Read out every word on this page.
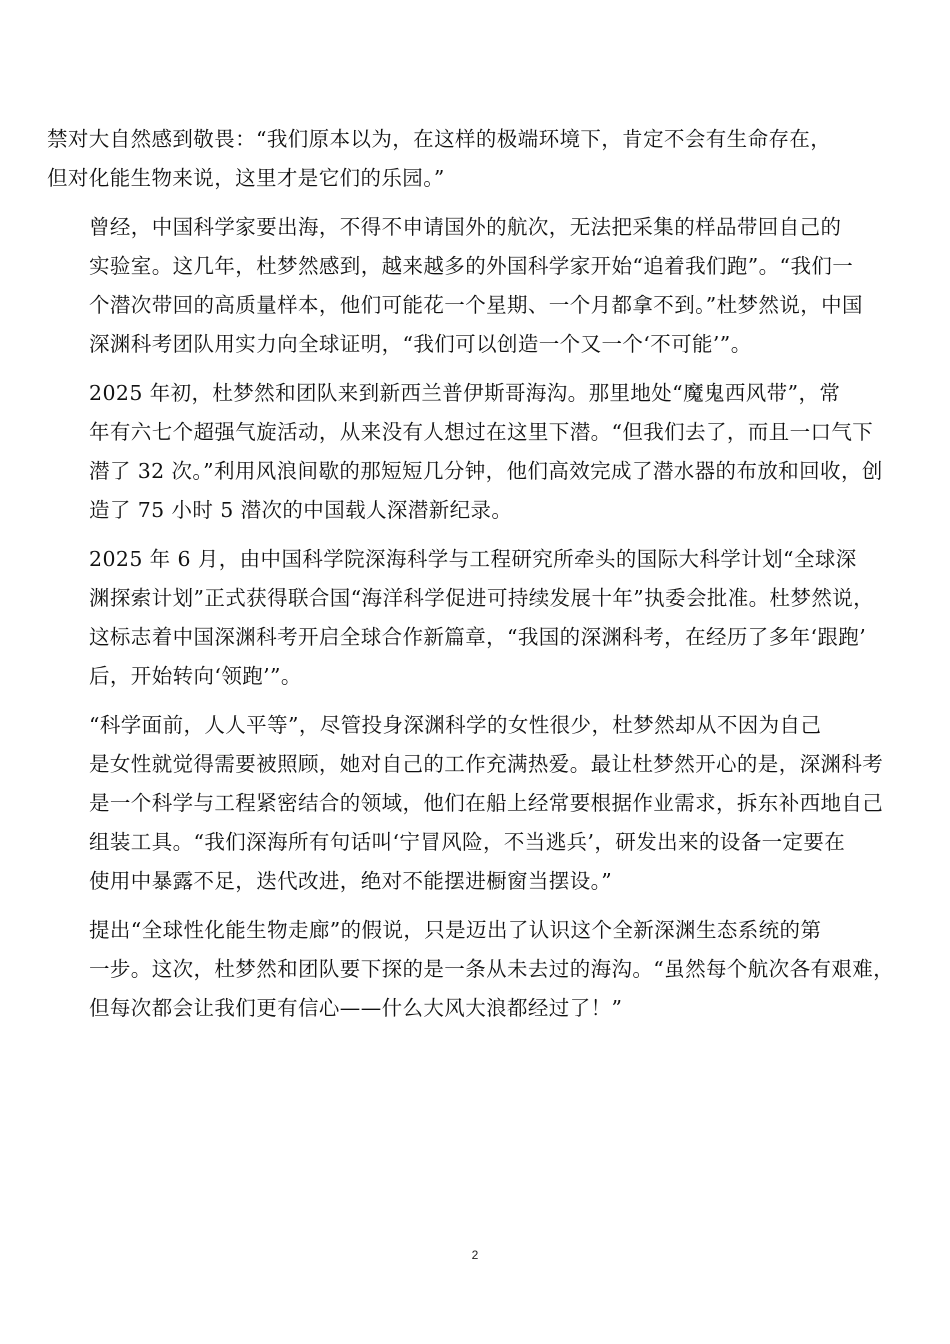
禁对大自然感到敬畏：“我们原本以为，在这样的极端环境下，肯定不会有生命存在，
但对化能生物来说，这里才是它们的乐园。”

曾经，中国科学家要出海，不得不申请国外的航次，无法把采集的样品带回自己的
实验室。这几年，杜梦然感到，越来越多的外国科学家开始“追着我们跑”。“我们一
个潜次带回的高质量样本，他们可能花一个星期、一个月都拿不到。”杜梦然说，中国
深渊科考团队用实力向全球证明，“我们可以创造一个又一个‘不可能’”。

2025 年初，杜梦然和团队来到新西兰普伊斯哥海沟。那里地处“魔鬼西风带”，常
年有六七个超强气旋活动，从来没有人想过在这里下潜。“但我们去了，而且一口气下
潜了 32 次。”利用风浪间歇的那短短几分钟，他们高效完成了潜水器的布放和回收，创
造了 75 小时 5 潜次的中国载人深潜新纪录。

2025 年 6 月，由中国科学院深海科学与工程研究所牵头的国际大科学计划“全球深
渊探索计划”正式获得联合国“海洋科学促进可持续发展十年”执委会批准。杜梦然说，
这标志着中国深渊科考开启全球合作新篇章，“我国的深渊科考，在经历了多年‘跟跑’
后，开始转向‘领跑’”。

“科学面前，人人平等”，尽管投身深渊科学的女性很少，杜梦然却从不因为自己
是女性就觉得需要被照顾，她对自己的工作充满热爱。最让杜梦然开心的是，深渊科考
是一个科学与工程紧密结合的领域，他们在船上经常要根据作业需求，拆东补西地自己
组装工具。“我们深海所有句话叫‘宁冒风险，不当逃兵’，研发出来的设备一定要在
使用中暴露不足，迭代改进，绝对不能摆进橱窗当摆设。”

提出“全球性化能生物走廊”的假说，只是迈出了认识这个全新深渊生态系统的第
一步。这次，杜梦然和团队要下探的是一条从未去过的海沟。“虽然每个航次各有艰难，
但每次都会让我们更有信心——什么大风大浪都经过了！”

2
